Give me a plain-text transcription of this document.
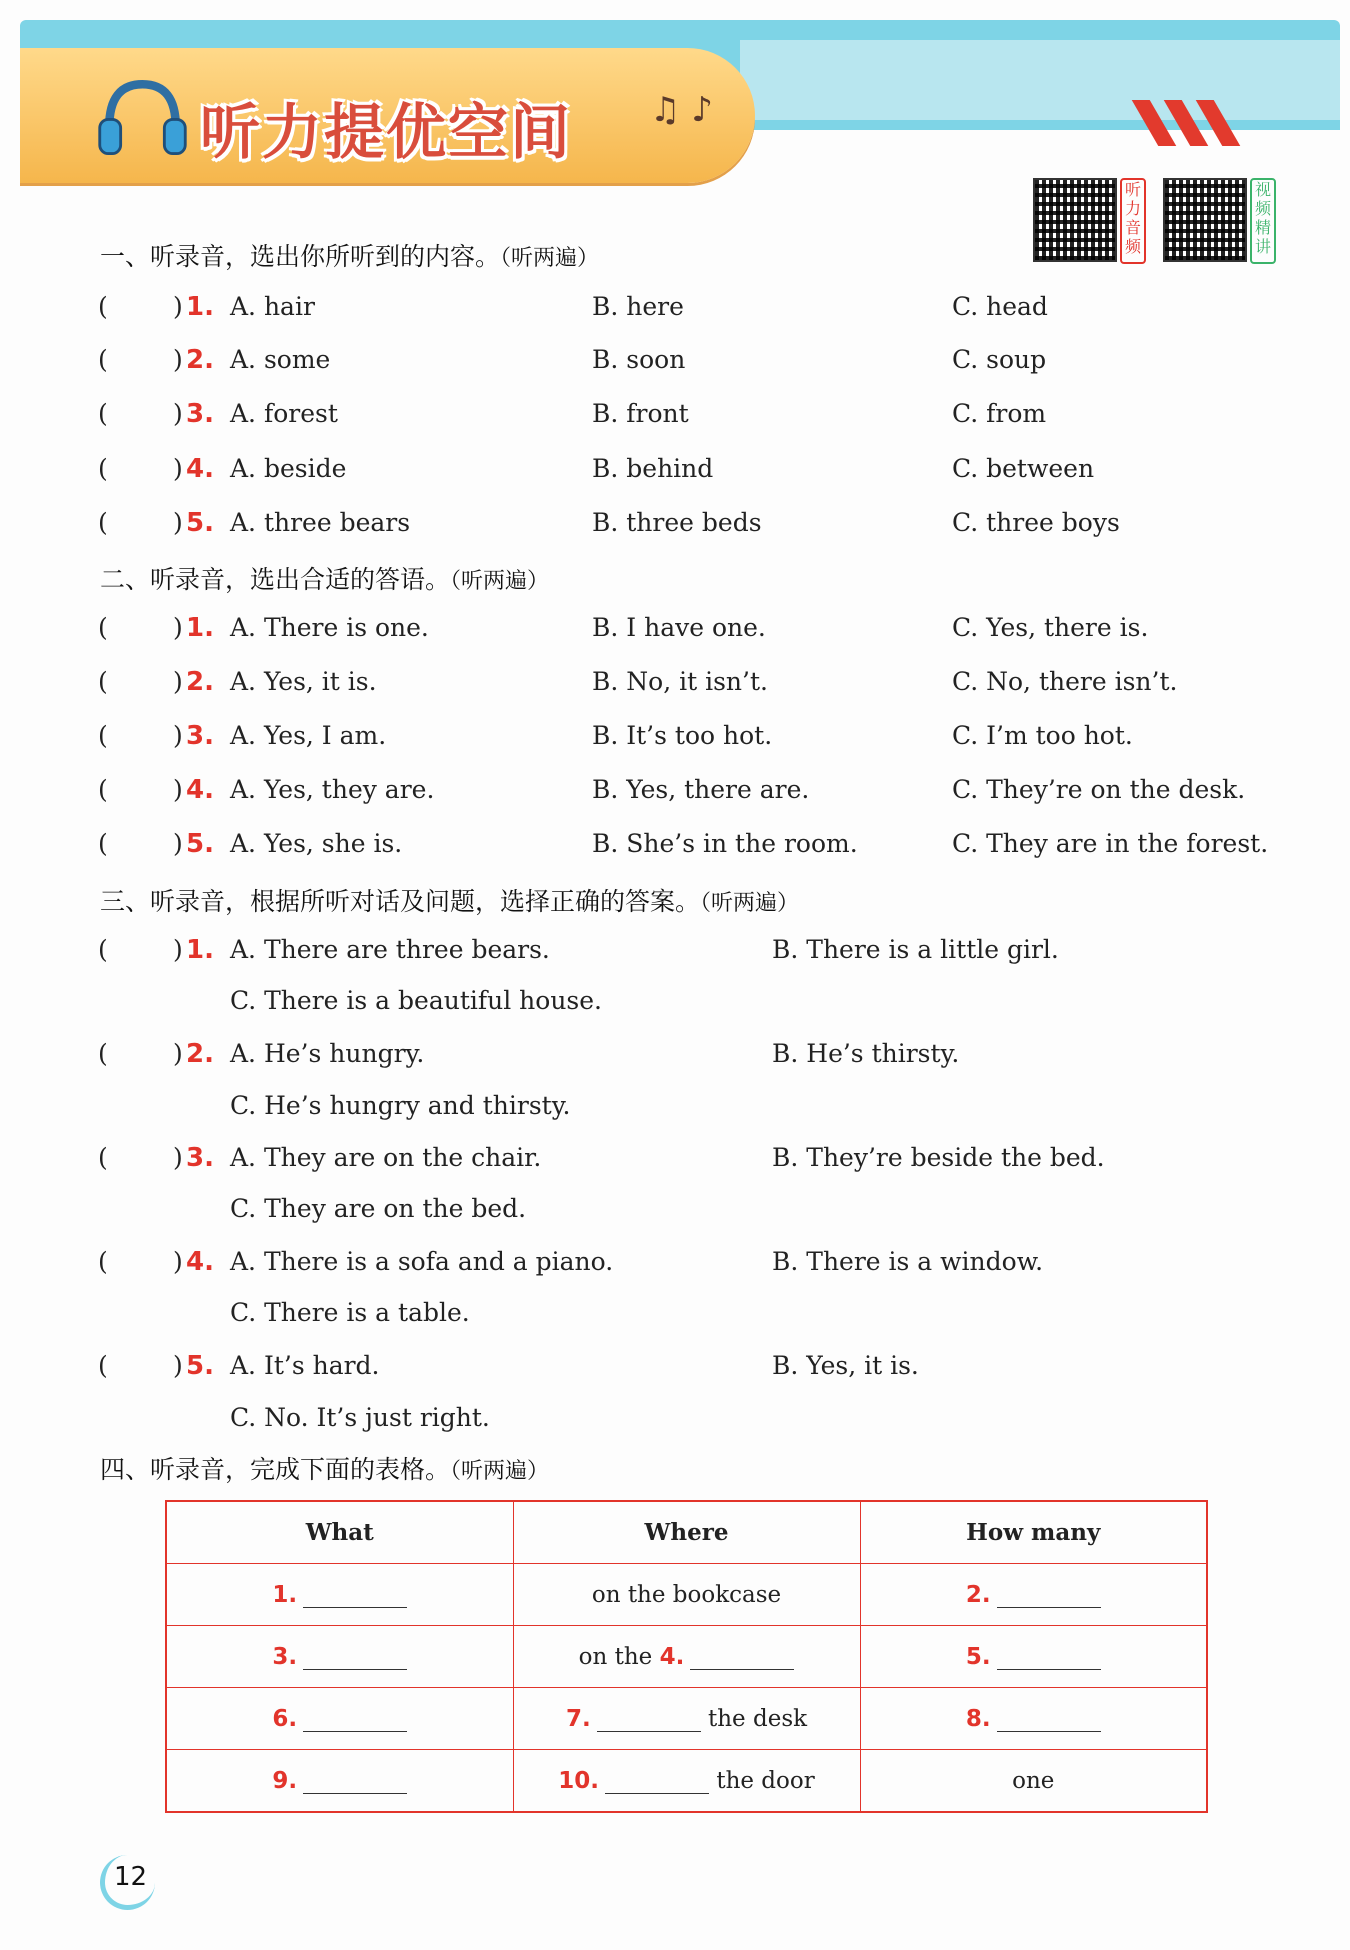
听力提优空间 ♫ ♪
听力音频
视频精讲
一、听录音，选出你所听到的内容。（听两遍）
二、听录音，选出合适的答语。（听两遍）
三、听录音，根据所听对话及问题，选择正确的答案。（听两遍）
四、听录音，完成下面的表格。（听两遍）
(	) 1. A. hair	B. here	C. head
(	) 2. A. some	B. soon	C. soup
(	) 3. A. forest	B. front	C. from
(	) 4. A. beside	B. behind	C. between
(	) 5. A. three bears	B. three beds	C. three boys
(	) 1. A. There is one.	B. I have one.	C. Yes, there is.
(	) 2. A. Yes, it is.	B. No, it isn’t.	C. No, there isn’t.
(	) 3. A. Yes, I am.	B. It’s too hot.	C. I’m too hot.
(	) 4. A. Yes, they are.	B. Yes, there are.	C. They’re on the desk.
(	) 5. A. Yes, she is.	B. She’s in the room.	C. They are in the forest.
(	) 1. A. There are three bears.	B. There is a little girl.
C. There is a beautiful house.
(	) 2. A. He’s hungry.	B. He’s thirsty.
C. He’s hungry and thirsty.
(	) 3. A. They are on the chair.	B. They’re beside the bed.
C. They are on the bed.
(	) 4. A. There is a sofa and a piano.	B. There is a window.
C. There is a table.
(	) 5. A. It’s hard.	B. Yes, it is.
C. No. It’s just right.
What	Where	How many
1.	on the bookcase	2.
3.	on the 4.	5.
6.	7. the desk	8.
9.	10. the door	one
12
